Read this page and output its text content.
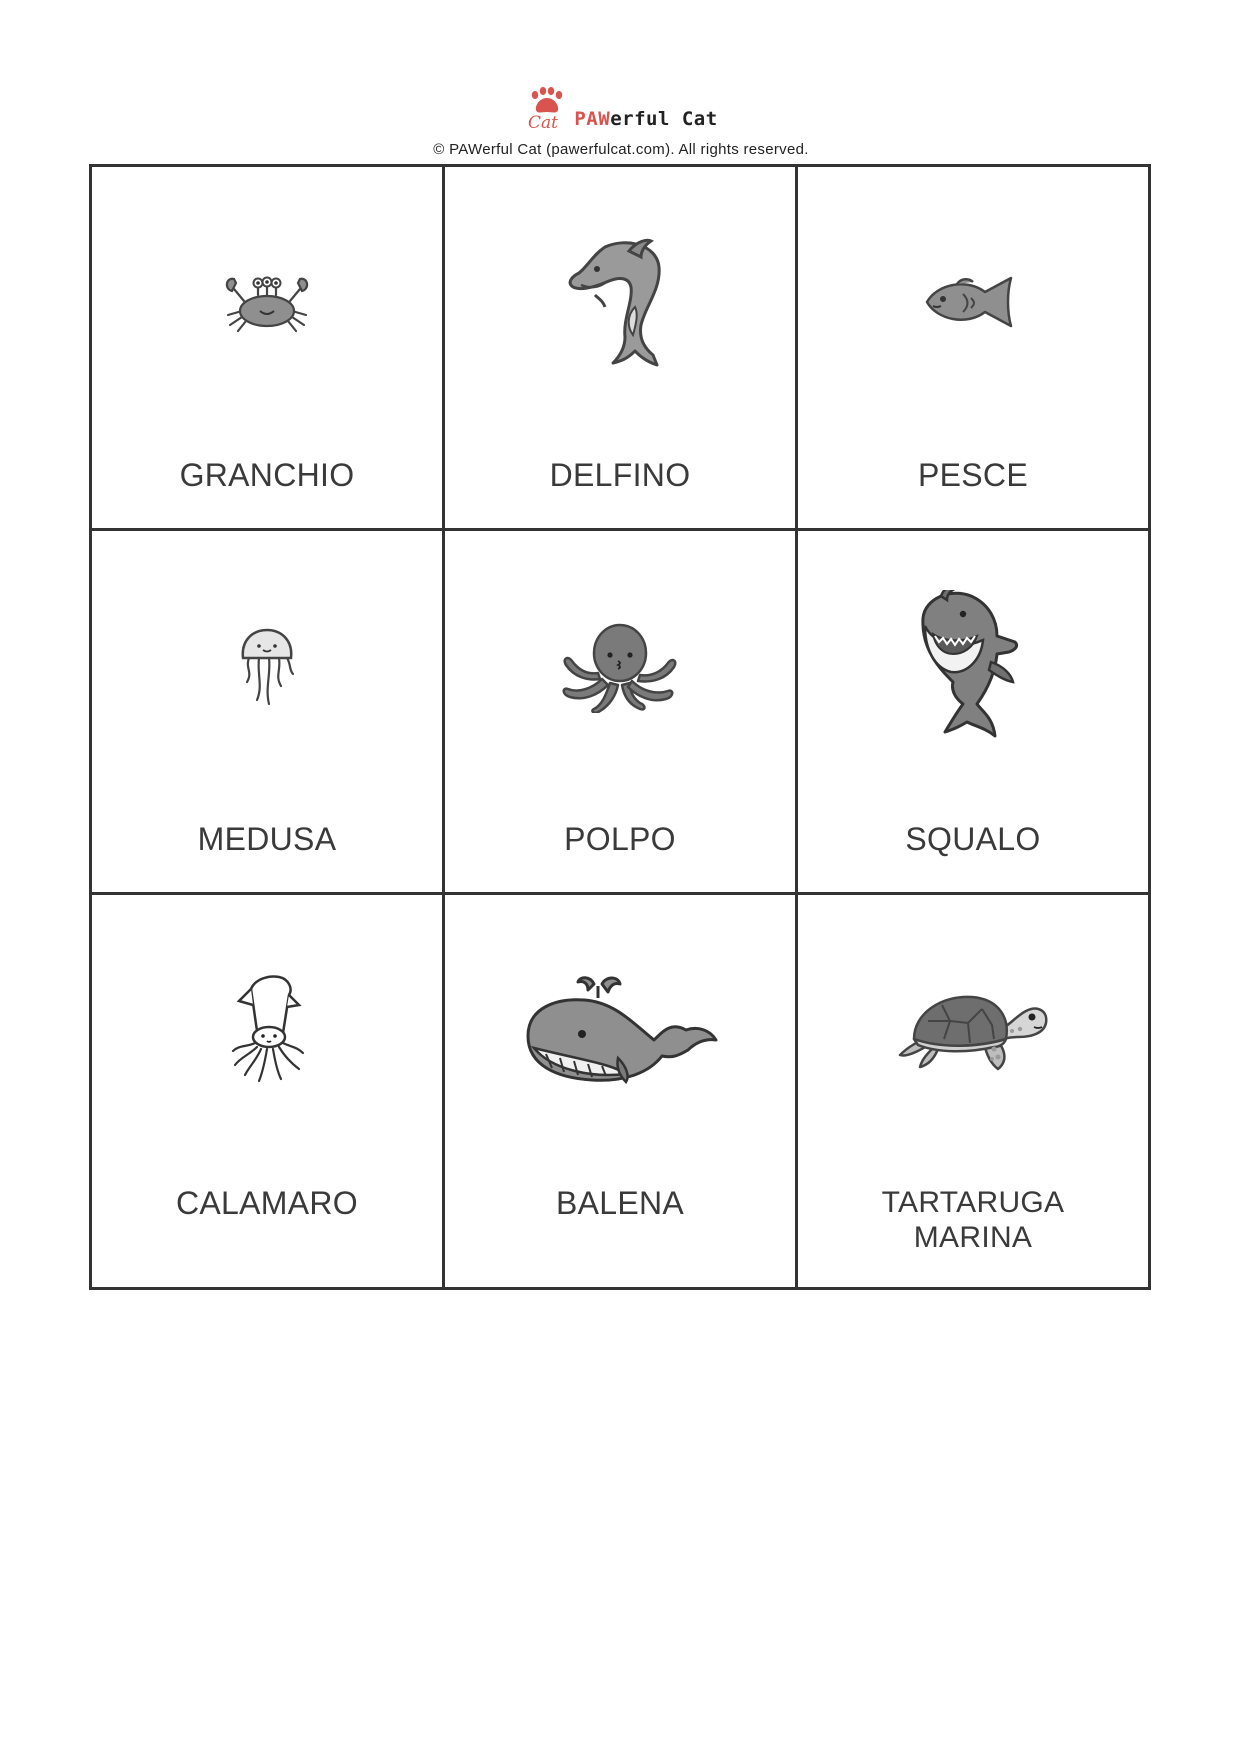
Cat PAWerful Cat
© PAWerful Cat (pawerfulcat.com). All rights reserved.
GRANCHIO	DELFINO	PESCE
MEDUSA	POLPO	SQUALO
CALAMARO	BALENA	TARTARUGA
MARINA
